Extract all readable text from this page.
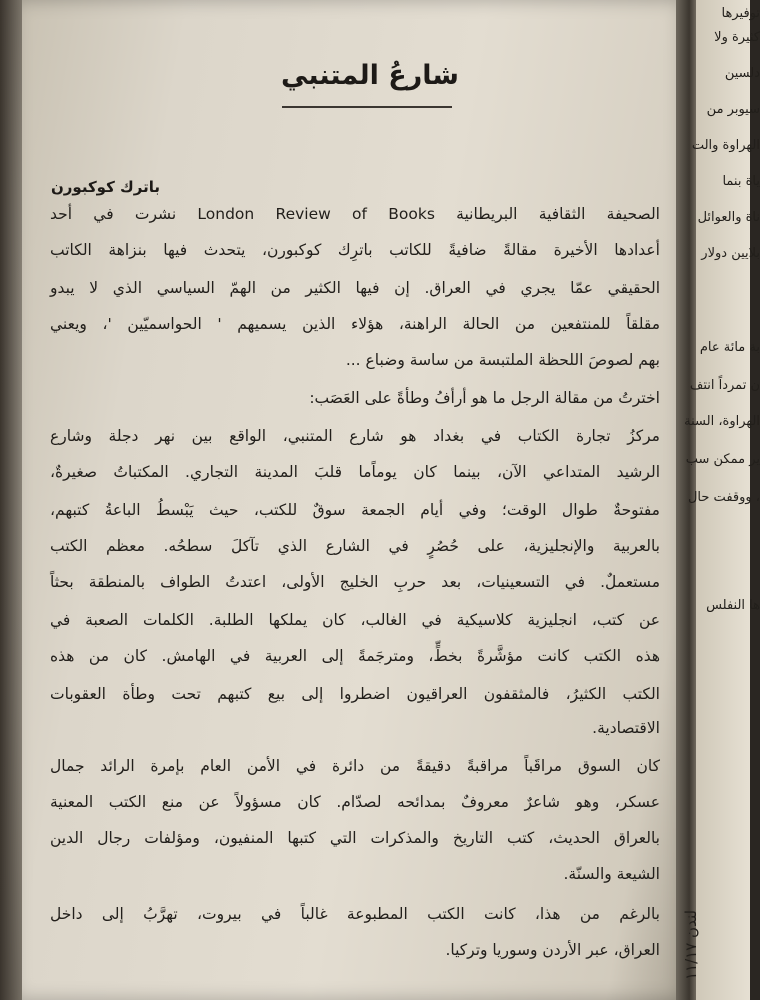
﻿
شارعُ المتنبي
باترك كوكبورن
الصحيفة الثقافية البريطانية London Review of Books نشرت في أحد
أعدادها الأخيرة مقالةً ضافيةً للكاتب باترِك كوكبورن، يتحدث فيها بنزاهة الكاتب
الحقيقي عمّا يجري في العراق. إن فيها الكثير من الهمّ السياسي الذي لا يبدو
مقلقاً للمنتفعين من الحالة الراهنة، هؤلاء الذين يسميهم ' الحواسميّين '، ويعني
بهم لصوصَ اللحظة الملتبسة من ساسة وضباع ...
اخترتُ من مقالة الرجل ما هو أرأفُ وطأةً على العَصَب:
مركزُ تجارة الكتاب في بغداد هو شارع المتنبي، الواقع بين نهر دجلة وشارع
الرشيد المتداعي الآن، بينما كان يوماًما قلبَ المدينة التجاري. المكتباتُ صغيرةٌ،
مفتوحةٌ طوال الوقت؛ وفي أيام الجمعة سوقٌ للكتب، حيث يَبْسطُ الباعةُ كتبهم،
بالعربية والإنجليزية، على حُصُرٍ في الشارع الذي تآكلَ سطحُه. معظم الكتب
مستعملٌ. في التسعينيات، بعد حربِ الخليج الأولى، اعتدتُ الطواف بالمنطقة بحثاً
عن كتب، انجليزية كلاسيكية في الغالب، كان يملكها الطلبة. الكلمات الصعبة في
هذه الكتب كانت مؤشَّرةً بخطٍّ، ومترجَمةً إلى العربية في الهامش. كان من هذه
الكتب الكثيرُ، فالمثقفون العراقيون اضطروا إلى بيع كتبهم تحت وطأة العقوبات
الاقتصادية.
كان السوق مراقَباً مراقبةً دقيقةً من دائرة في الأمن العام بإمرة الرائد جمال
عسكر، وهو شاعرٌ معروفٌ بمدائحه لصدّام. كان مسؤولاً عن منع الكتب المعنية
بالعراق الحديث، كتب التاريخ والمذكرات التي كتبها المنفيون، ومؤلفات رجال الدين
الشيعة والسنّة.
بالرغم من هذا، كانت الكتب المطبوعة غالباً في بيروت، تهرَّبُ إلى داخل
العراق، عبر الأردن وسوريا وتركيا.
توفيرها
كثيرة ولا
دلسين
سيوبر من
الهراوة والت
ياة بنما
ناة والعوائل
بلايين دولار
بة مائة عام
ن تمرداً انتف
الهراوة، السنة
ير ممكن سب
، ووقفت حال
ها النفلس
لندن ١١/١٧
